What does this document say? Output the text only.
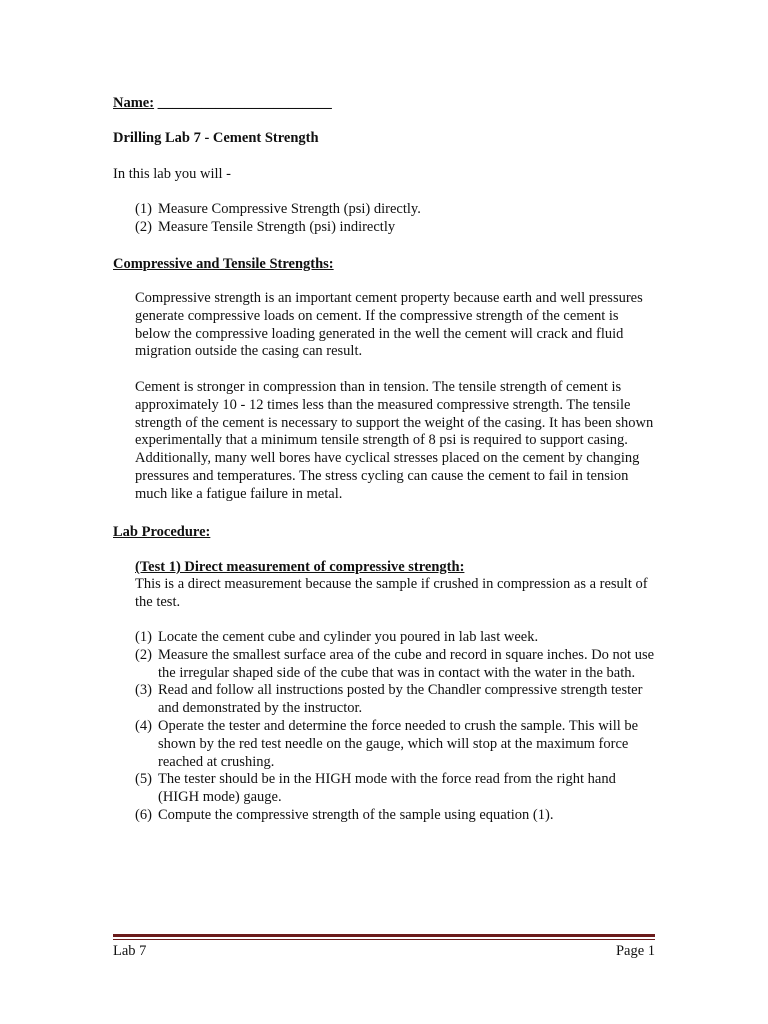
Name: ________________________
Drilling Lab 7 - Cement Strength
In this lab you will -
(1) Measure Compressive Strength (psi) directly.
(2) Measure Tensile Strength (psi) indirectly
Compressive and Tensile Strengths:
Compressive strength is an important cement property because earth and well pressures generate compressive loads on cement. If the compressive strength of the cement is below the compressive loading generated in the well the cement will crack and fluid migration outside the casing can result.
Cement is stronger in compression than in tension. The tensile strength of cement is approximately 10 - 12 times less than the measured compressive strength. The tensile strength of the cement is necessary to support the weight of the casing. It has been shown experimentally that a minimum tensile strength of 8 psi is required to support casing. Additionally, many well bores have cyclical stresses placed on the cement by changing pressures and temperatures. The stress cycling can cause the cement to fail in tension much like a fatigue failure in metal.
Lab Procedure:
(Test 1) Direct measurement of compressive strength:
This is a direct measurement because the sample if crushed in compression as a result of the test.
(1) Locate the cement cube and cylinder you poured in lab last week.
(2) Measure the smallest surface area of the cube and record in square inches. Do not use the irregular shaped side of the cube that was in contact with the water in the bath.
(3) Read and follow all instructions posted by the Chandler compressive strength tester and demonstrated by the instructor.
(4) Operate the tester and determine the force needed to crush the sample. This will be shown by the red test needle on the gauge, which will stop at the maximum force reached at crushing.
(5) The tester should be in the HIGH mode with the force read from the right hand (HIGH mode) gauge.
(6) Compute the compressive strength of the sample using equation (1).
Lab 7	Page 1
